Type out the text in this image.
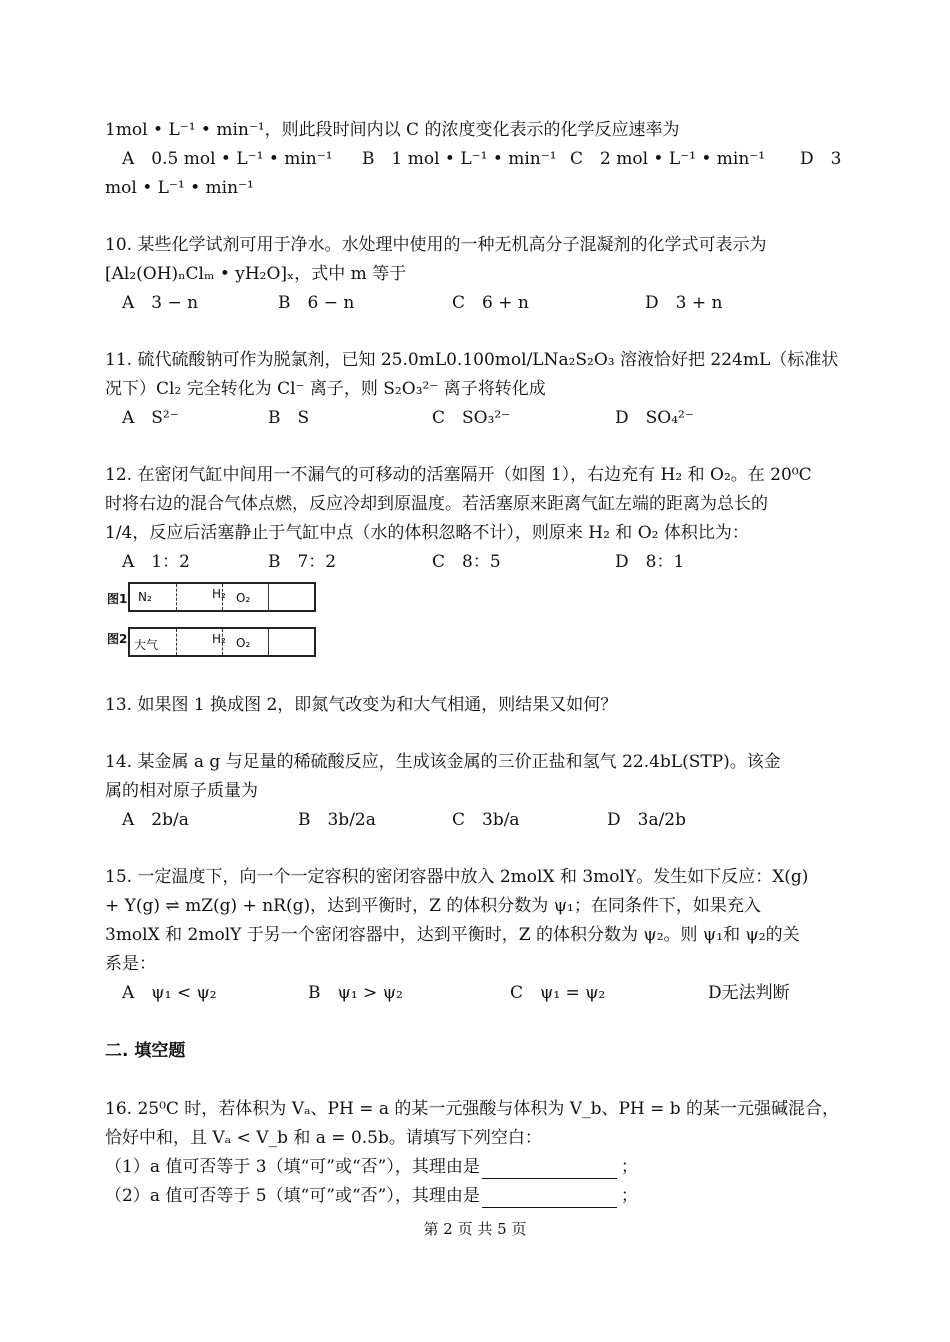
1mol • L⁻¹ • min⁻¹，则此段时间内以 C 的浓度变化表示的化学反应速率为
A　0.5 mol • L⁻¹ • min⁻¹ B　1 mol • L⁻¹ • min⁻¹ C　2 mol • L⁻¹ • min⁻¹ D　3
mol • L⁻¹ • min⁻¹
10. 某些化学试剂可用于净水。水处理中使用的一种无机高分子混凝剂的化学式可表示为
[Al₂(OH)ₙClₘ • yH₂O]ₓ，式中 m 等于
A　3 − n	B　6 − n	C　6 + n	D　3 + n
11. 硫代硫酸钠可作为脱氯剂，已知 25.0mL0.100mol/LNa₂S₂O₃ 溶液恰好把 224mL（标准状
况下）Cl₂ 完全转化为 Cl⁻ 离子，则 S₂O₃²⁻ 离子将转化成
A　S²⁻	B　S	C　SO₃²⁻	D　SO₄²⁻
12. 在密闭气缸中间用一不漏气的可移动的活塞隔开（如图 1），右边充有 H₂ 和 O₂。在 20⁰C
时将右边的混合气体点燃，反应冷却到原温度。若活塞原来距离气缸左端的距离为总长的
1/4，反应后活塞静止于气缸中点（水的体积忽略不计），则原来 H₂ 和 O₂ 体积比为：
A　1：2	B　7：2	C　8：5	D　8：1
图1 N₂	H₂ O₂
图2 大气	H₂ O₂
13. 如果图 1 换成图 2，即氮气改变为和大气相通，则结果又如何？
14. 某金属 a g 与足量的稀硫酸反应，生成该金属的三价正盐和氢气 22.4bL(STP)。该金
属的相对原子质量为
A　2b/a	B　3b/2a	C　3b/a	D　3a/2b
15. 一定温度下，向一个一定容积的密闭容器中放入 2molX 和 3molY。发生如下反应：X(g)
+ Y(g) ⇌ mZ(g) + nR(g)，达到平衡时，Z 的体积分数为 ψ₁；在同条件下，如果充入
3molX 和 2molY 于另一个密闭容器中，达到平衡时，Z 的体积分数为 ψ₂。则 ψ₁和 ψ₂的关
系是：
A　ψ₁ < ψ₂	B　ψ₁ > ψ₂	C　ψ₁ = ψ₂	D无法判断
二. 填空题
16. 25⁰C 时，若体积为 Vₐ、PH = a 的某一元强酸与体积为 V_b、PH = b 的某一元强碱混合，
恰好中和，且 Vₐ < V_b 和 a = 0.5b。请填写下列空白：
（1）a 值可否等于 3（填“可”或“否”），其理由是	；
（2）a 值可否等于 5（填“可”或“否”），其理由是	；
第 2 页 共 5 页
